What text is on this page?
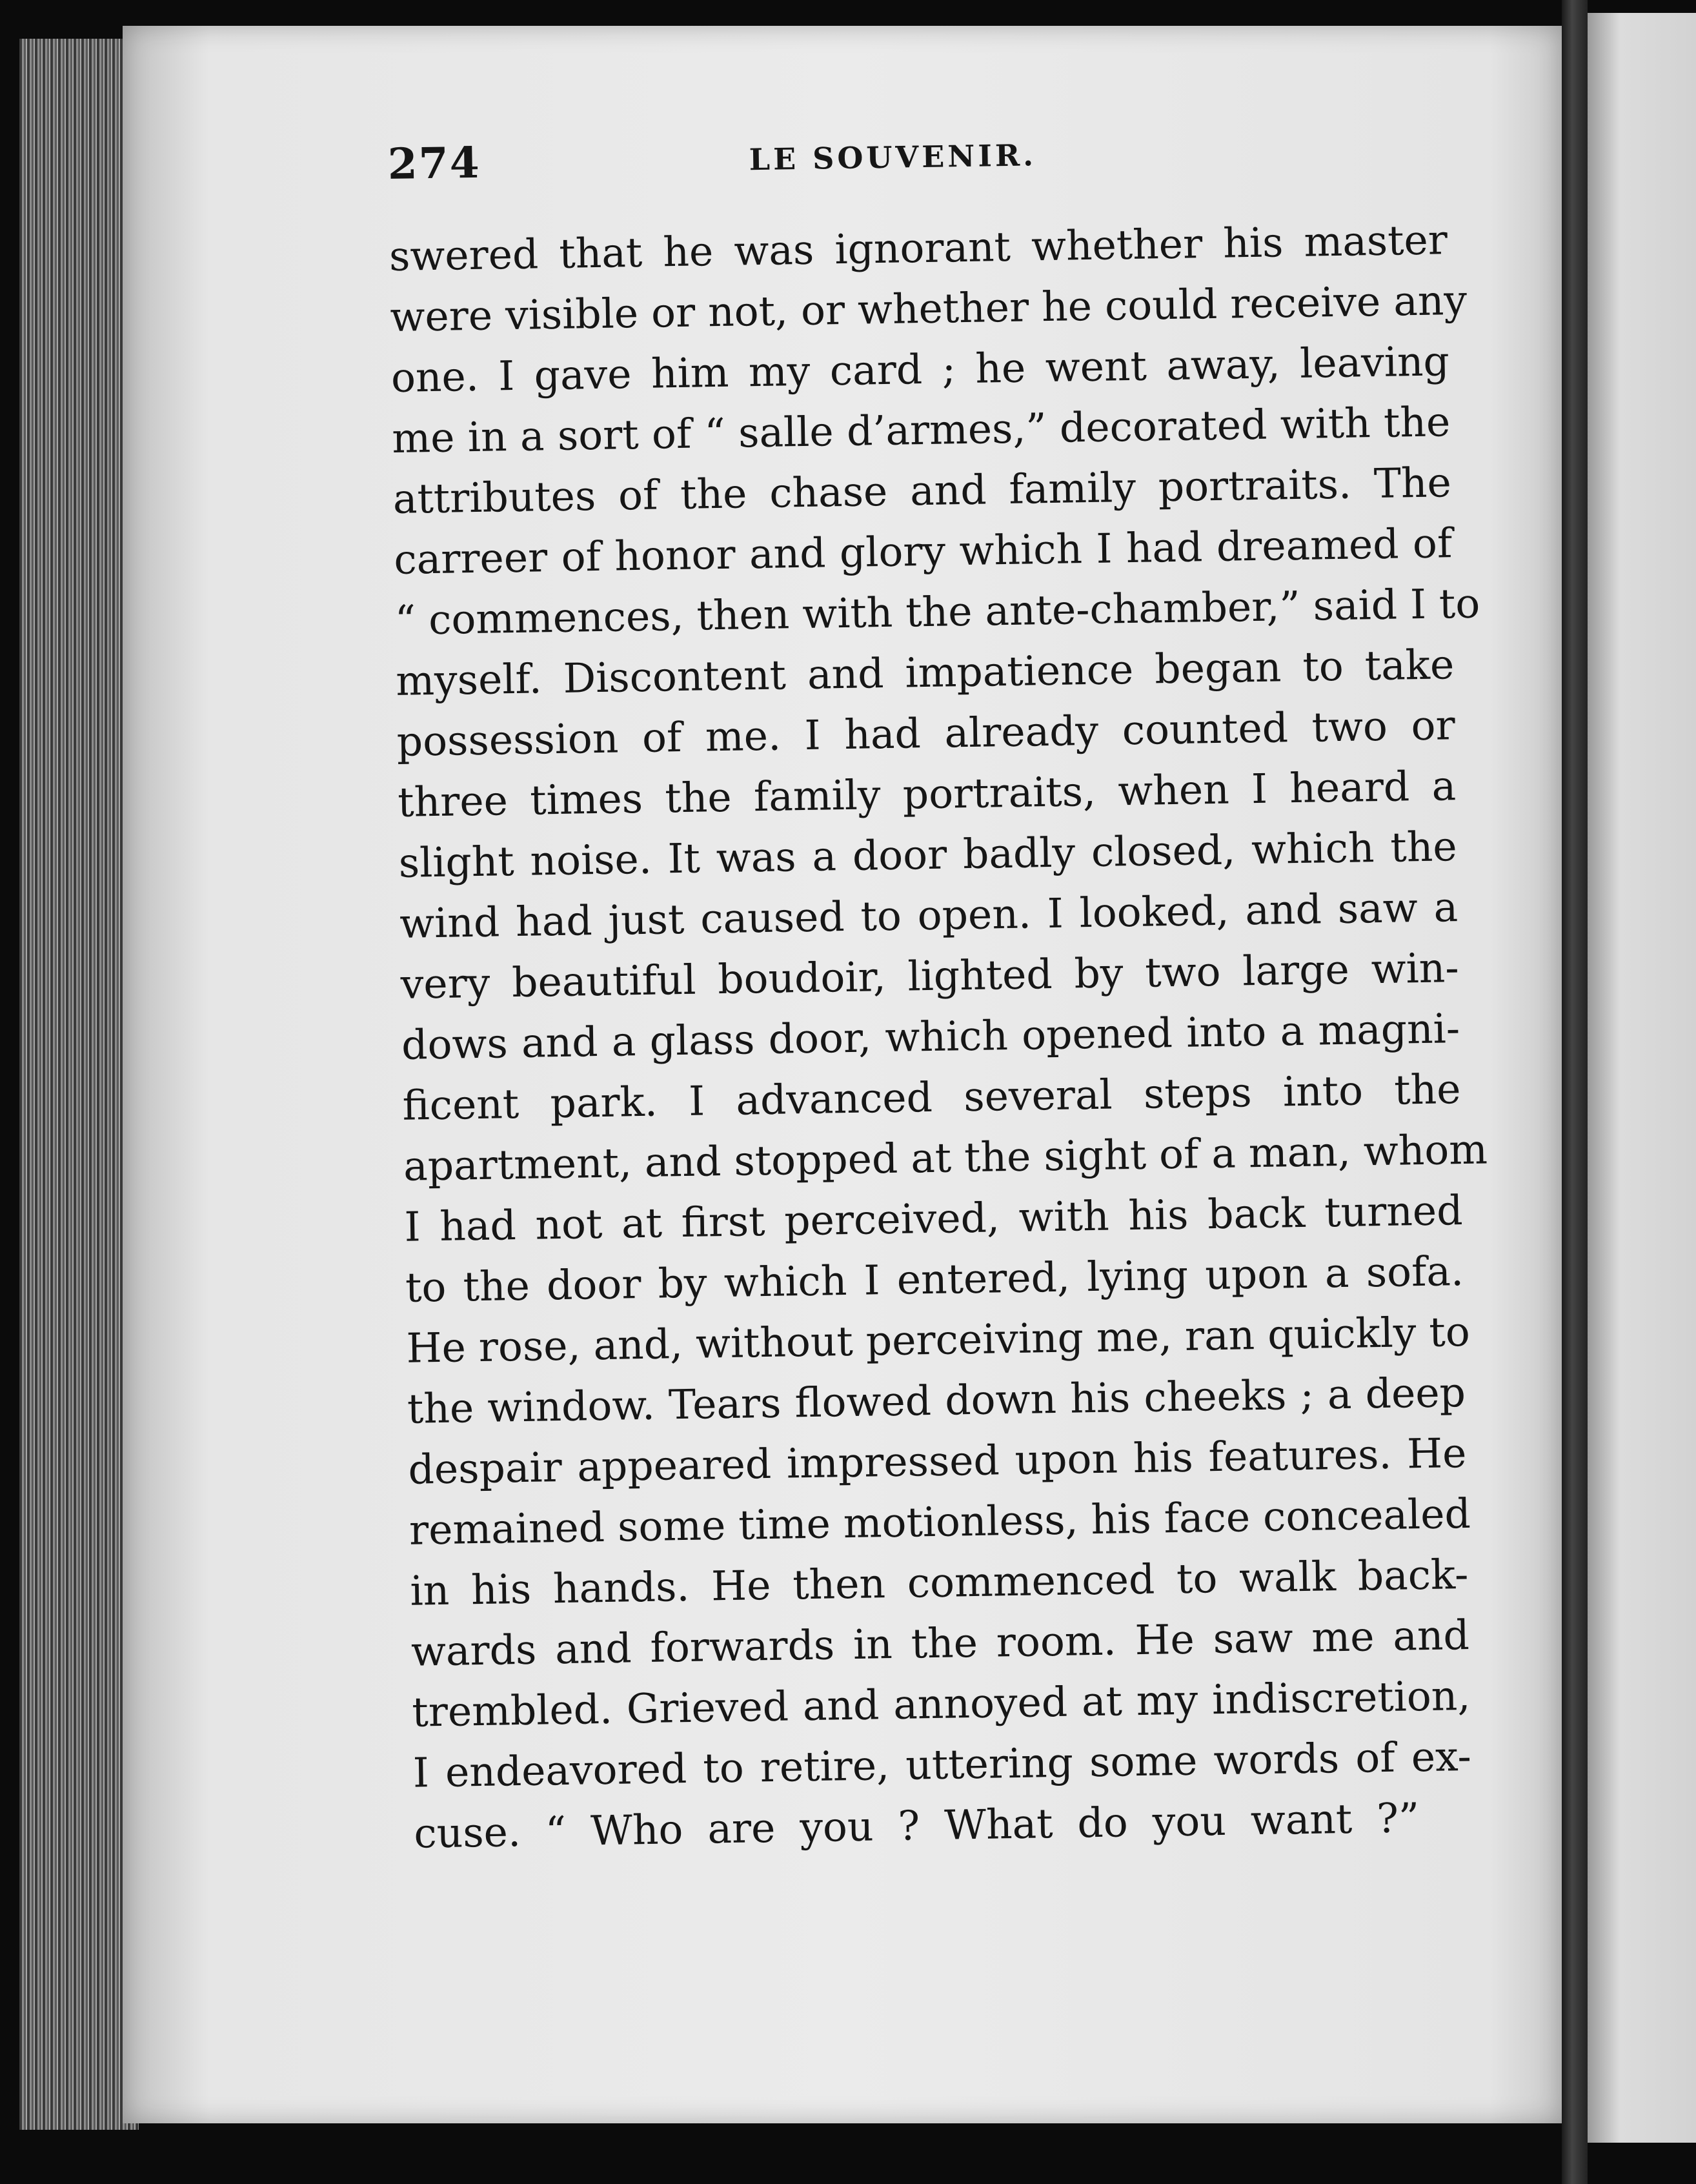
274	LE SOUVENIR.
swered that he was ignorant whether his master
were visible or not, or whether he could receive any
one. I gave him my card ; he went away, leaving
me in a sort of “ salle d’armes,” decorated with the
attributes of the chase and family portraits. The
carreer of honor and glory which I had dreamed of
“ commences, then with the ante-chamber,” said I to
myself. Discontent and impatience began to take
possession of me. I had already counted two or
three times the family portraits, when I heard a
slight noise. It was a door badly closed, which the
wind had just caused to open. I looked, and saw a
very beautiful boudoir, lighted by two large win-
dows and a glass door, which opened into a magni-
ficent park. I advanced several steps into the
apartment, and stopped at the sight of a man, whom
I had not at first perceived, with his back turned
to the door by which I entered, lying upon a sofa.
He rose, and, without perceiving me, ran quickly to
the window. Tears flowed down his cheeks ; a deep
despair appeared impressed upon his features. He
remained some time motionless, his face concealed
in his hands. He then commenced to walk back-
wards and forwards in the room. He saw me and
trembled. Grieved and annoyed at my indiscretion,
I endeavored to retire, uttering some words of ex-
cuse. “ Who are you ? What do you want ?”
